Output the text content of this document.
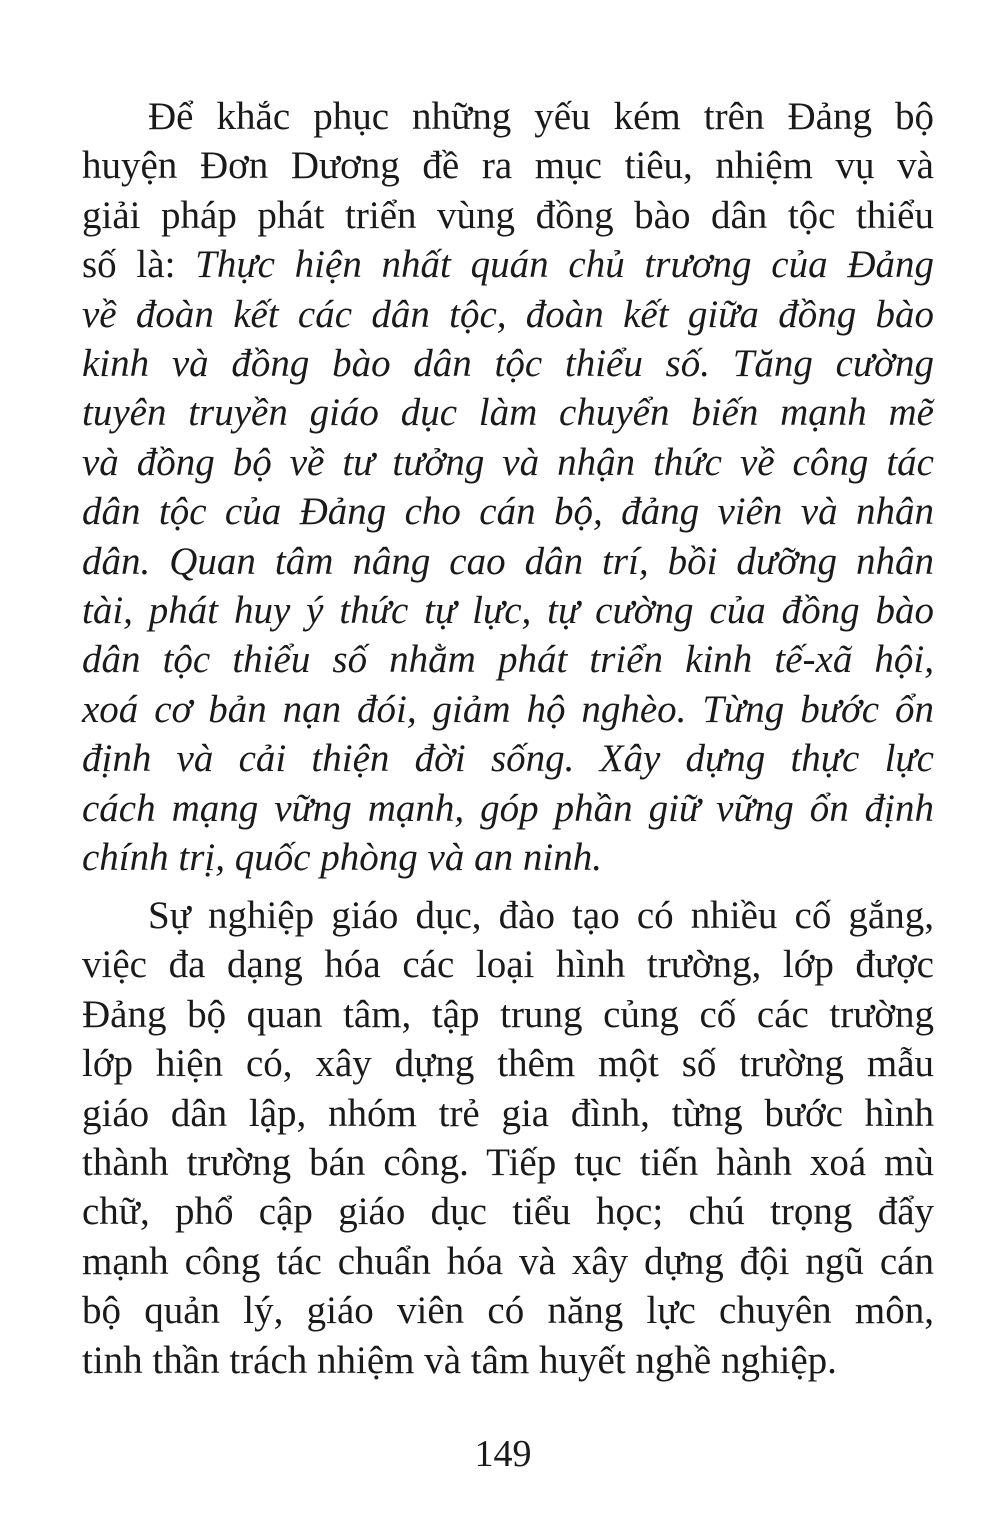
Để khắc phục những yếu kém trên Đảng bộ
huyện Đơn Dương đề ra mục tiêu, nhiệm vụ và
giải pháp phát triển vùng đồng bào dân tộc thiểu
số là: Thực hiện nhất quán chủ trương của Đảng
về đoàn kết các dân tộc, đoàn kết giữa đồng bào
kinh và đồng bào dân tộc thiểu số. Tăng cường
tuyên truyền giáo dục làm chuyển biến mạnh mẽ
và đồng bộ về tư tưởng và nhận thức về công tác
dân tộc của Đảng cho cán bộ, đảng viên và nhân
dân. Quan tâm nâng cao dân trí, bồi dưỡng nhân
tài, phát huy ý thức tự lực, tự cường của đồng bào
dân tộc thiểu số nhằm phát triển kinh tế-xã hội,
xoá cơ bản nạn đói, giảm hộ nghèo. Từng bước ổn
định và cải thiện đời sống. Xây dựng thực lực
cách mạng vững mạnh, góp phần giữ vững ổn định
chính trị, quốc phòng và an ninh.
Sự nghiệp giáo dục, đào tạo có nhiều cố gắng,
việc đa dạng hóa các loại hình trường, lớp được
Đảng bộ quan tâm, tập trung củng cố các trường
lớp hiện có, xây dựng thêm một số trường mẫu
giáo dân lập, nhóm trẻ gia đình, từng bước hình
thành trường bán công. Tiếp tục tiến hành xoá mù
chữ, phổ cập giáo dục tiểu học; chú trọng đẩy
mạnh công tác chuẩn hóa và xây dựng đội ngũ cán
bộ quản lý, giáo viên có năng lực chuyên môn,
tinh thần trách nhiệm và tâm huyết nghề nghiệp.
149
